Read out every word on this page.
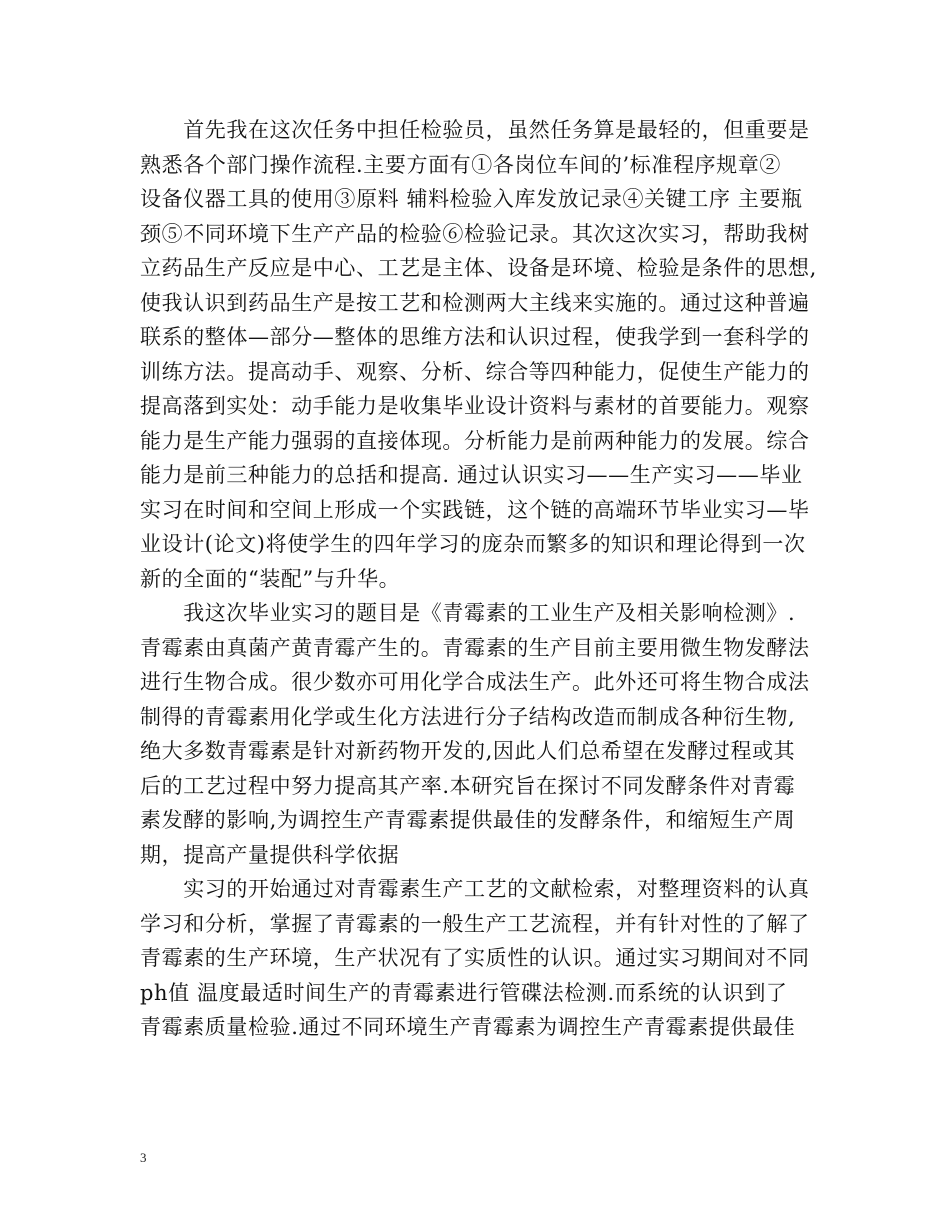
　　首先我在这次任务中担任检验员，虽然任务算是最轻的，但重要是
熟悉各个部门操作流程.主要方面有①各岗位车间的’标准程序规章②
设备仪器工具的使用③原料 辅料检验入库发放记录④关键工序 主要瓶
颈⑤不同环境下生产产品的检验⑥检验记录。其次这次实习，帮助我树
立药品生产反应是中心、工艺是主体、设备是环境、检验是条件的思想,
使我认识到药品生产是按工艺和检测两大主线来实施的。通过这种普遍
联系的整体—部分—整体的思维方法和认识过程，使我学到一套科学的
训练方法。提高动手、观察、分析、综合等四种能力，促使生产能力的
提高落到实处：动手能力是收集毕业设计资料与素材的首要能力。观察
能力是生产能力强弱的直接体现。分析能力是前两种能力的发展。综合
能力是前三种能力的总括和提高. 通过认识实习——生产实习——毕业
实习在时间和空间上形成一个实践链，这个链的高端环节毕业实习—毕
业设计(论文)将使学生的四年学习的庞杂而繁多的知识和理论得到一次
新的全面的“装配”与升华。

　　我这次毕业实习的题目是《青霉素的工业生产及相关影响检测》.
青霉素由真菌产黄青霉产生的。青霉素的生产目前主要用微生物发酵法
进行生物合成。很少数亦可用化学合成法生产。此外还可将生物合成法
制得的青霉素用化学或生化方法进行分子结构改造而制成各种衍生物,
绝大多数青霉素是针对新药物开发的,因此人们总希望在发酵过程或其
后的工艺过程中努力提高其产率.本研究旨在探讨不同发酵条件对青霉
素发酵的影响,为调控生产青霉素提供最佳的发酵条件，和缩短生产周
期，提高产量提供科学依据

　　实习的开始通过对青霉素生产工艺的文献检索，对整理资料的认真
学习和分析，掌握了青霉素的一般生产工艺流程，并有针对性的了解了
青霉素的生产环境，生产状况有了实质性的认识。通过实习期间对不同
ph值 温度最适时间生产的青霉素进行管碟法检测.而系统的认识到了
青霉素质量检验.通过不同环境生产青霉素为调控生产青霉素提供最佳

3
